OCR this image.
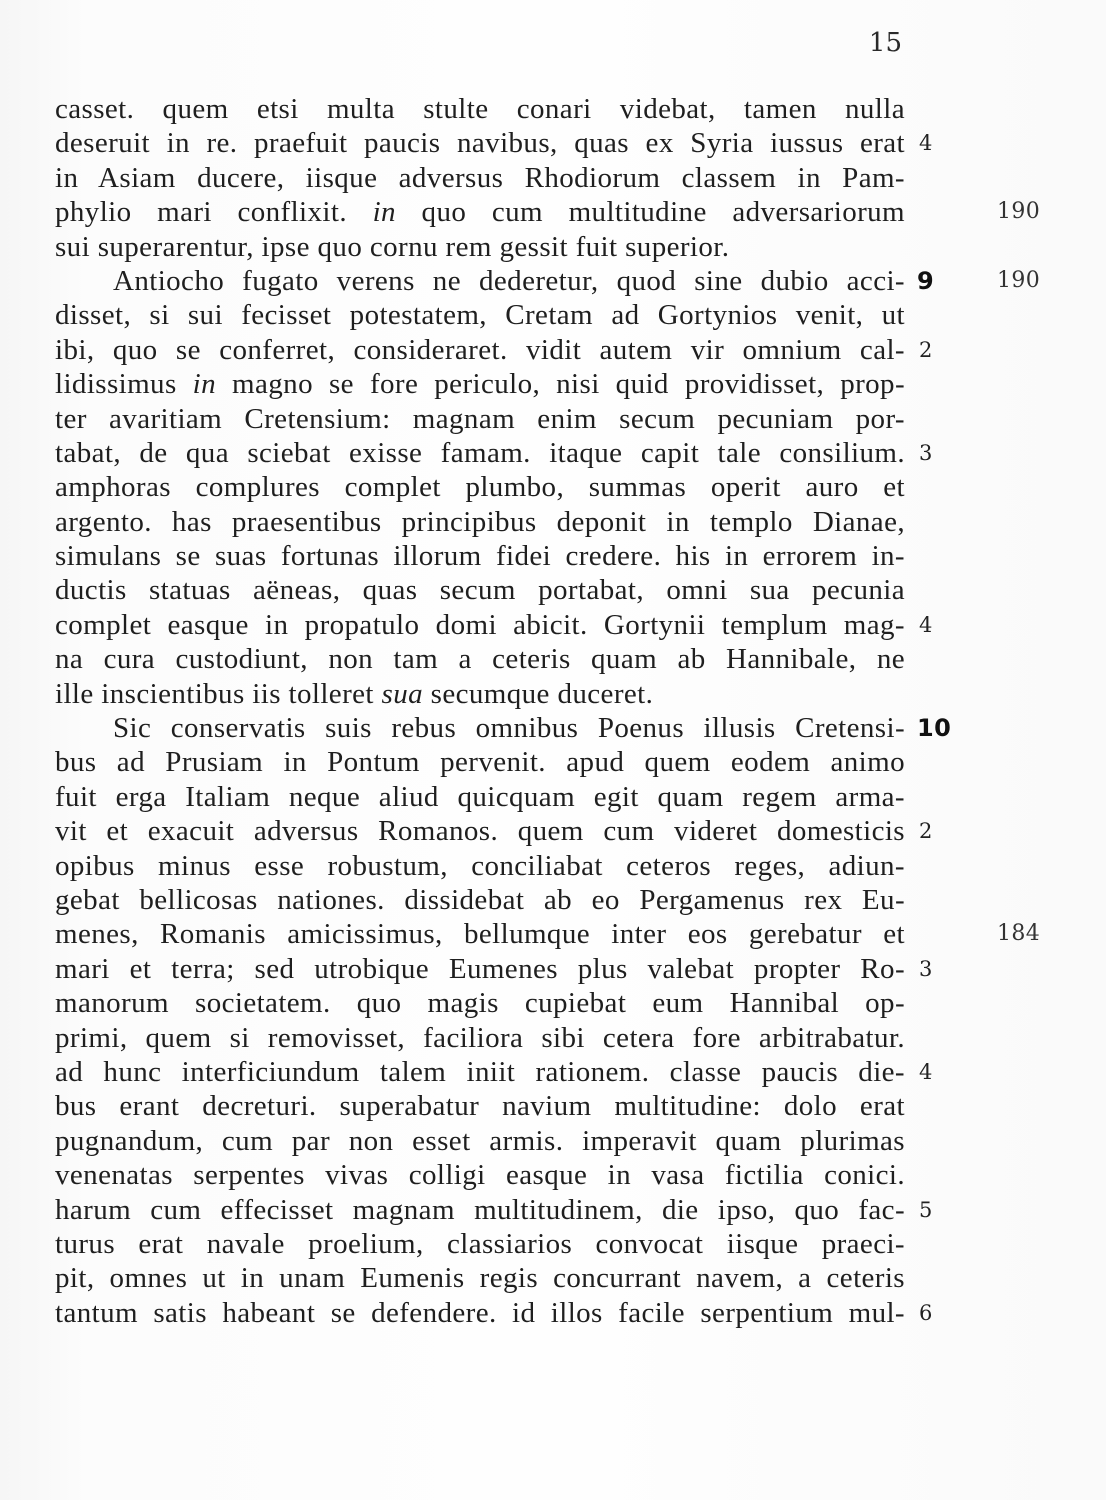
15
casset. quem etsi multa stulte conari videbat, tamen nulla
deseruit in re. praefuit paucis navibus, quas ex Syria iussus erat 4
in Asiam ducere, iisque adversus Rhodiorum classem in Pam-
phylio mari conflixit. in quo cum multitudine adversariorum	190
sui superarentur, ipse quo cornu rem gessit fuit superior.
Antiocho fugato verens ne dederetur, quod sine dubio acci- 9	190
disset, si sui fecisset potestatem, Cretam ad Gortynios venit, ut
ibi, quo se conferret, consideraret. vidit autem vir omnium cal- 2
lidissimus in magno se fore periculo, nisi quid providisset, prop-
ter avaritiam Cretensium: magnam enim secum pecuniam por-
tabat, de qua sciebat exisse famam. itaque capit tale consilium. 3
amphoras complures complet plumbo, summas operit auro et
argento. has praesentibus principibus deponit in templo Dianae,
simulans se suas fortunas illorum fidei credere. his in errorem in-
ductis statuas aëneas, quas secum portabat, omni sua pecunia
complet easque in propatulo domi abicit. Gortynii templum mag- 4
na cura custodiunt, non tam a ceteris quam ab Hannibale, ne
ille inscientibus iis tolleret sua secumque duceret.
Sic conservatis suis rebus omnibus Poenus illusis Cretensi- 10
bus ad Prusiam in Pontum pervenit. apud quem eodem animo
fuit erga Italiam neque aliud quicquam egit quam regem arma-
vit et exacuit adversus Romanos. quem cum videret domesticis 2
opibus minus esse robustum, conciliabat ceteros reges, adiun-
gebat bellicosas nationes. dissidebat ab eo Pergamenus rex Eu-
menes, Romanis amicissimus, bellumque inter eos gerebatur et	184
mari et terra; sed utrobique Eumenes plus valebat propter Ro- 3
manorum societatem. quo magis cupiebat eum Hannibal op-
primi, quem si removisset, faciliora sibi cetera fore arbitrabatur.
ad hunc interficiundum talem iniit rationem. classe paucis die- 4
bus erant decreturi. superabatur navium multitudine: dolo erat
pugnandum, cum par non esset armis. imperavit quam plurimas
venenatas serpentes vivas colligi easque in vasa fictilia conici.
harum cum effecisset magnam multitudinem, die ipso, quo fac- 5
turus erat navale proelium, classiarios convocat iisque praeci-
pit, omnes ut in unam Eumenis regis concurrant navem, a ceteris
tantum satis habeant se defendere. id illos facile serpentium mul- 6
